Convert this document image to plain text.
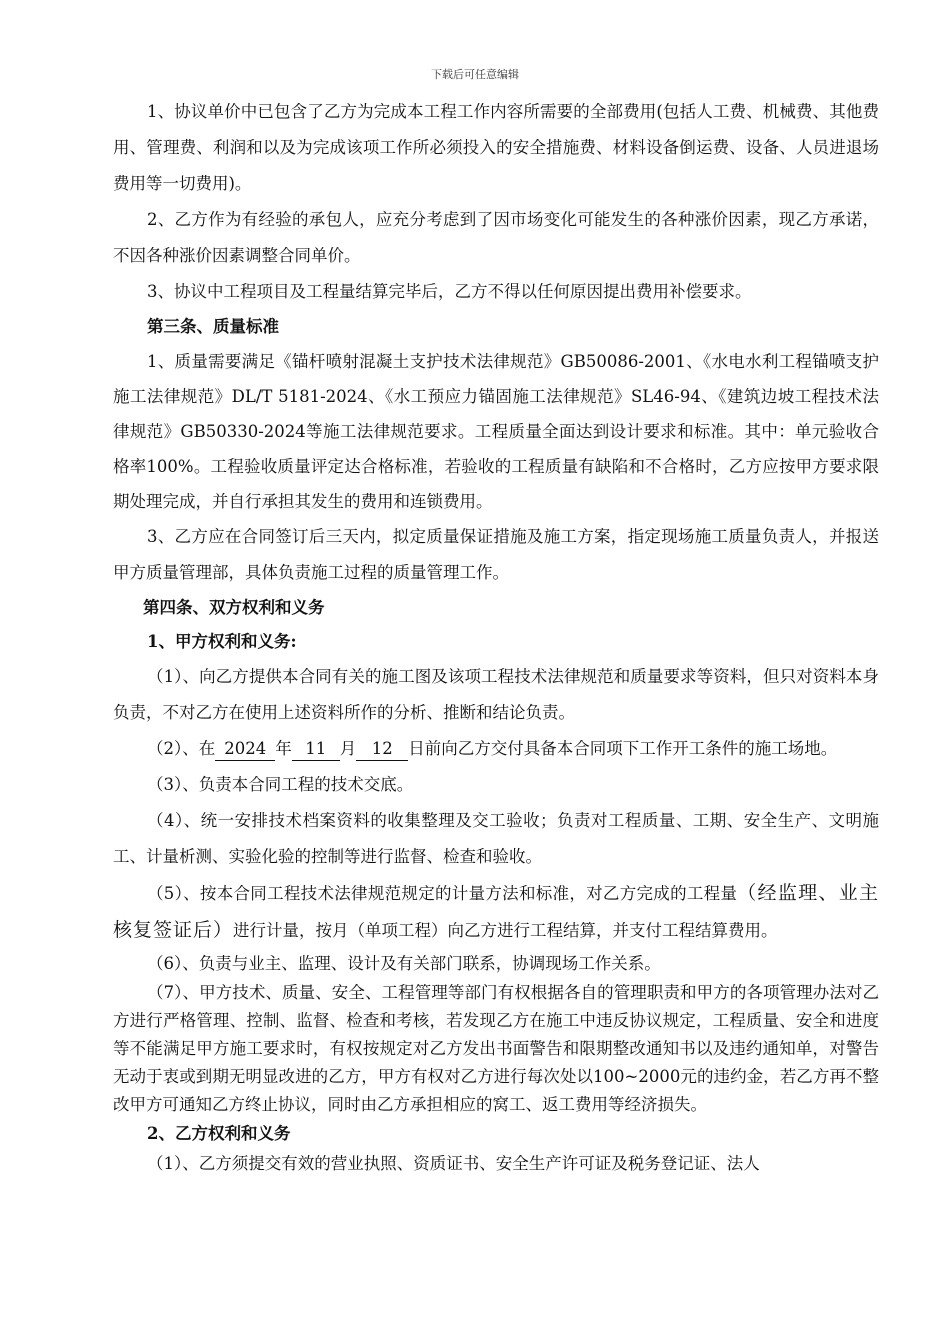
下载后可任意编辑

1、协议单价中已包含了乙方为完成本工程工作内容所需要的全部费用(包括人工费、机械费、其他费用、管理费、利润和以及为完成该项工作所必须投入的安全措施费、材料设备倒运费、设备、人员进退场费用等一切费用)。

2、乙方作为有经验的承包人，应充分考虑到了因市场变化可能发生的各种涨价因素，现乙方承诺，不因各种涨价因素调整合同单价。

3、协议中工程项目及工程量结算完毕后，乙方不得以任何原因提出费用补偿要求。

第三条、质量标准

1、质量需要满足《锚杆喷射混凝土支护技术法律规范》GB50086-2001、《水电水利工程锚喷支护施工法律规范》DL/T 5181-2024、《水工预应力锚固施工法律规范》SL46-94、《建筑边坡工程技术法律规范》GB50330-2024等施工法律规范要求。工程质量全面达到设计要求和标准。其中：单元验收合格率100%。工程验收质量评定达合格标准，若验收的工程质量有缺陷和不合格时，乙方应按甲方要求限期处理完成，并自行承担其发生的费用和连锁费用。

3、乙方应在合同签订后三天内，拟定质量保证措施及施工方案，指定现场施工质量负责人，并报送甲方质量管理部，具体负责施工过程的质量管理工作。

第四条、双方权利和义务

1、甲方权利和义务:

（1）、向乙方提供本合同有关的施工图及该项工程技术法律规范和质量要求等资料，但只对资料本身负责，不对乙方在使用上述资料所作的分析、推断和结论负责。

（2）、在 2024 年 11 月 12 日前向乙方交付具备本合同项下工作开工条件的施工场地。

（3）、负责本合同工程的技术交底。

（4）、统一安排技术档案资料的收集整理及交工验收；负责对工程质量、工期、安全生产、文明施工、计量析测、实验化验的控制等进行监督、检查和验收。

（5）、按本合同工程技术法律规范规定的计量方法和标准，对乙方完成的工程量（经监理、业主核复签证后）进行计量，按月（单项工程）向乙方进行工程结算，并支付工程结算费用。

（6）、负责与业主、监理、设计及有关部门联系，协调现场工作关系。

（7）、甲方技术、质量、安全、工程管理等部门有权根据各自的管理职责和甲方的各项管理办法对乙方进行严格管理、控制、监督、检查和考核，若发现乙方在施工中违反协议规定，工程质量、安全和进度等不能满足甲方施工要求时，有权按规定对乙方发出书面警告和限期整改通知书以及违约通知单，对警告无动于衷或到期无明显改进的乙方，甲方有权对乙方进行每次处以100~2000元的违约金，若乙方再不整改甲方可通知乙方终止协议，同时由乙方承担相应的窝工、返工费用等经济损失。

2、乙方权利和义务

（1）、乙方须提交有效的营业执照、资质证书、安全生产许可证及税务登记证、法人
